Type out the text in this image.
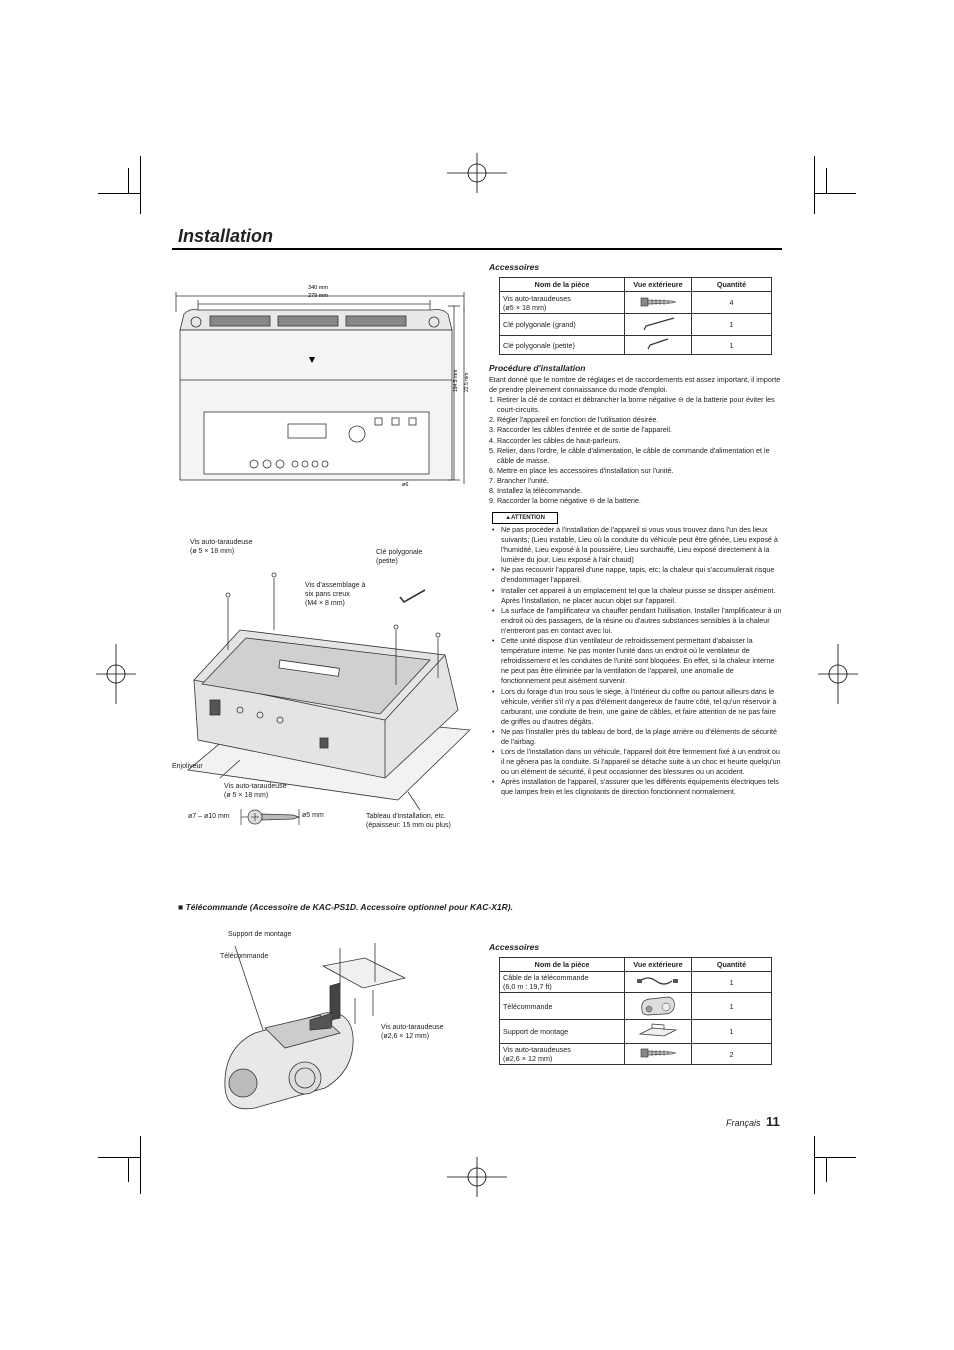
Installation
340 mm
279 mm
194.5 mm 22.5 mm
ø6
Accessoires
Nom de la pièce	Vue extérieure	Quantité
Vis auto-taraudeuses
(ø5 × 18 mm)		4
Clé polygonale (grand)		1
Clé polygonale (petite)		1
Procédure d'installation

Etant donné que le nombre de réglages et de raccordements est assez important, il importe de prendre pleinement connaissance du mode d'emploi.

1. Retirer la clé de contact et débrancher la borne négative ⊖ de la batterie pour éviter les court-circuits.

2. Régler l'appareil en fonction de l'utilisation désirée.

3. Raccorder les câbles d'entrée et de sortie de l'appareil.

4. Raccorder les câbles de haut-parleurs.

5. Relier, dans l'ordre, le câble d'alimentation, le câble de commande d'alimentation et le câble de masse.

6. Mettre en place les accessoires d'installation sur l'unité.

7. Brancher l'unité.

8. Installez la télécommande.

9. Raccorder la borne négative ⊖ de la batterie.

▲ATTENTION
• Ne pas procéder à l'installation de l'appareil si vous vous trouvez dans l'un des lieux suivants; (Lieu instable, Lieu où la conduite du véhicule peut être gênée, Lieu exposé à l'humidité, Lieu exposé à la poussière, Lieu surchauffé, Lieu exposé directement à la lumière du jour, Lieu exposé à l'air chaud)
• Ne pas recouvrir l'appareil d'une nappe, tapis, etc; la chaleur qui s'accumulerait risque d'endommager l'appareil.
• Installer cet appareil à un emplacement tel que la chaleur puisse se dissiper aisément. Après l'installation, ne placer aucun objet sur l'appareil.
• La surface de l'amplificateur va chauffer pendant l'utilisation. Installer l'amplificateur à un endroit où des passagers, de la résine ou d'autres substances sensibles à la chaleur n'entreront pas en contact avec lui.
• Cette unité dispose d'un ventilateur de refroidissement permettant d'abaisser la température interne. Ne pas monter l'unité dans un endroit où le ventilateur de refroidissement et les conduites de l'unité sont bloquées. En effet, si la chaleur interne ne peut pas être éliminée par la ventilation de l'appareil, une anomalie de fonctionnement peut aisément survenir.
• Lors du forage d'un trou sous le siège, à l'intérieur du coffre ou partout ailleurs dans le véhicule, vérifier s'il n'y a pas d'élément dangereux de l'autre côté, tel qu'un réservoir à carburant, une conduite de frein, une gaine de câbles, et faire attention de ne pas faire de griffes ou d'autres dégâts.
• Ne pas l'installer près du tableau de bord, de la plage arrière ou d'éléments de sécurité de l'airbag.
• Lors de l'installation dans un véhicule, l'appareil doit être fermement fixé à un endroit ou il ne gênera pas la conduite. Si l'appareil se détache suite à un choc et heurte quelqu'un ou un élément de sécurité, il peut occasionner des blessures ou un accident.
• Après installation de l'appareil, s'assurer que les différents équipements électriques tels que lampes frein et les clignotants de direction fonctionnent normalement.
Vis auto-taraudeuse
(ø 5 × 18 mm)	Clé polygonale
(petite)
Vis d'assemblage à
six pans creux
(M4 × 8 mm)
Enjoliveur
Vis auto-taraudeuse
(ø 5 × 18 mm)
ø7 – ø10 mm	ø5 mm	Tableau d'installation, etc.
(épaisseur: 15 mm ou plus)
■ Télécommande (Accessoire de KAC-PS1D. Accessoire optionnel pour KAC-X1R).
Support de montage
Télécommande
Vis auto-taraudeuse
(ø2,6 × 12 mm)
Accessoires
Nom de la pièce	Vue extérieure	Quantité
Câble de la télécommande
(6,0 m : 19,7 ft)		1
Télécommande		1
Support de montage		1
Vis auto-taraudeuses
(ø2,6 × 12 mm)		2
Français 11
